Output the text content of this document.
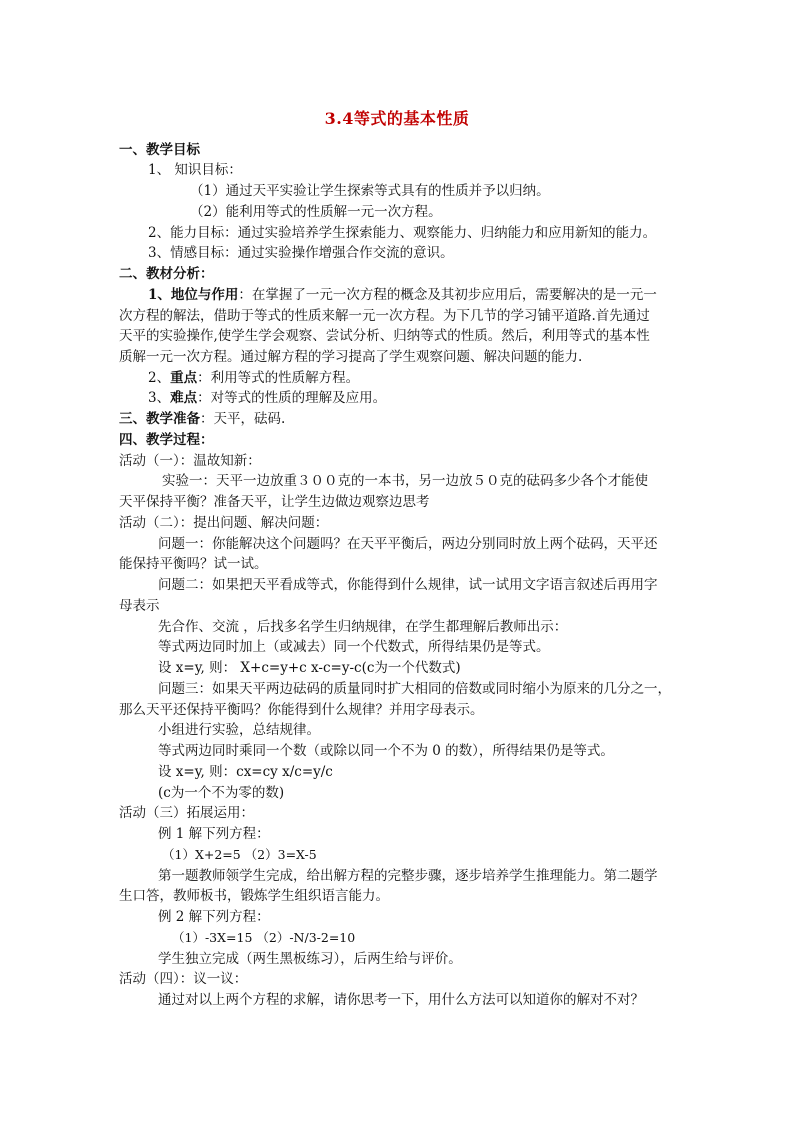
3.4等式的基本性质
一、教学目标
1、 知识目标：
（1）通过天平实验让学生探索等式具有的性质并予以归纳。
（2）能利用等式的性质解一元一次方程。
2、能力目标：通过实验培养学生探索能力、观察能力、归纳能力和应用新知的能力。
3、情感目标：通过实验操作增强合作交流的意识。
二、教材分析：
1、地位与作用：在掌握了一元一次方程的概念及其初步应用后，需要解决的是一元一
次方程的解法，借助于等式的性质来解一元一次方程。为下几节的学习铺平道路.首先通过
天平的实验操作,使学生学会观察、尝试分析、归纳等式的性质。然后，利用等式的基本性
质解一元一次方程。通过解方程的学习提高了学生观察问题、解决问题的能力.
2、重点：利用等式的性质解方程。
3、难点：对等式的性质的理解及应用。
三、教学准备：天平，砝码.
四、教学过程：
活动（一）：温故知新：
实验一：天平一边放重３００克的一本书，另一边放５０克的砝码多少各个才能使
天平保持平衡？准备天平，让学生边做边观察边思考
活动（二）：提出问题、解决问题：
问题一：你能解决这个问题吗？在天平平衡后，两边分别同时放上两个砝码，天平还
能保持平衡吗？试一试。
问题二：如果把天平看成等式，你能得到什么规律，试一试用文字语言叙述后再用字
母表示
先合作、交流 ，后找多名学生归纳规律，在学生都理解后教师出示：
等式两边同时加上（或减去）同一个代数式，所得结果仍是等式。
设 x=y, 则： X+c=y+c x-c=y-c(c为一个代数式)
问题三：如果天平两边砝码的质量同时扩大相同的倍数或同时缩小为原来的几分之一，
那么天平还保持平衡吗？你能得到什么规律？并用字母表示。
小组进行实验，总结规律。
等式两边同时乘同一个数（或除以同一个不为 0 的数），所得结果仍是等式。
设 x=y, 则：cx=cy x/c=y/c
(c为一个不为零的数)
活动（三）拓展运用：
例 1 解下列方程：
（1）X+2=5 （2）3=X-5
第一题教师领学生完成，给出解方程的完整步骤，逐步培养学生推理能力。第二题学
生口答，教师板书，锻炼学生组织语言能力。
例 2 解下列方程：
（1）-3X=15 （2）-N/3-2=10
学生独立完成（两生黑板练习），后两生给与评价。
活动（四）：议一议：
通过对以上两个方程的求解，请你思考一下，用什么方法可以知道你的解对不对？
